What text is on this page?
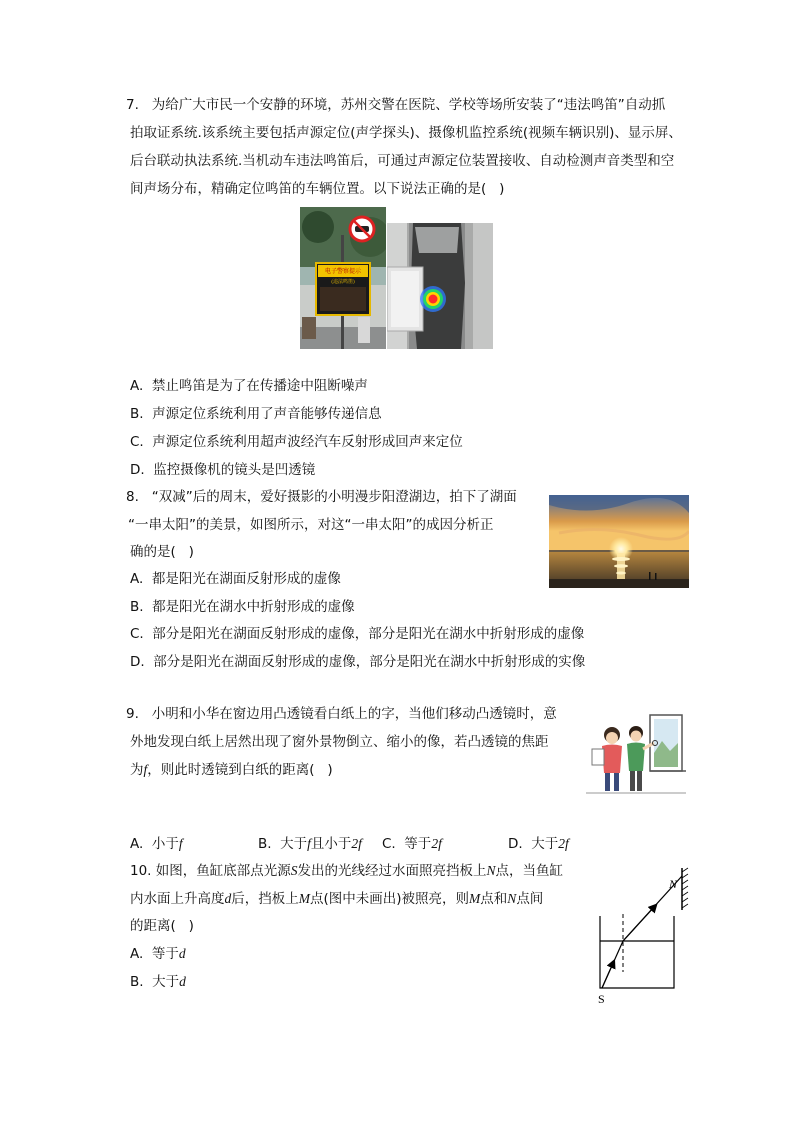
7.   为给广大市民一个安静的环境，苏州交警在医院、学校等场所安装了“违法鸣笛”自动抓
拍取证系统.该系统主要包括声源定位(声学探头)、摄像机监控系统(视频车辆识别)、显示屏、
后台联动执法系统.当机动车违法鸣笛后，可通过声源定位装置接收、自动检测声音类型和空
间声场分布，精确定位鸣笛的车辆位置。以下说法正确的是(   )
电子警察提示
(违法鸣笛)
A.  禁止鸣笛是为了在传播途中阻断噪声
B.  声源定位系统利用了声音能够传递信息
C.  声源定位系统利用超声波经汽车反射形成回声来定位
D.  监控摄像机的镜头是凹透镜
8.   “双减”后的周末，爱好摄影的小明漫步阳澄湖边，拍下了湖面
“一串太阳”的美景，如图所示，对这“一串太阳”的成因分析正
确的是(   )
A.  都是阳光在湖面反射形成的虚像
B.  都是阳光在湖水中折射形成的虚像
C.  部分是阳光在湖面反射形成的虚像，部分是阳光在湖水中折射形成的虚像
D.  部分是阳光在湖面反射形成的虚像，部分是阳光在湖水中折射形成的实像
9.   小明和小华在窗边用凸透镜看白纸上的字，当他们移动凸透镜时，意
外地发现白纸上居然出现了窗外景物倒立、缩小的像，若凸透镜的焦距
为f，则此时透镜到白纸的距离(   )
A.  小于f	B.  大于f且小于2f C.  等于2f	D.  大于2f
10. 如图，鱼缸底部点光源S发出的光线经过水面照亮挡板上N点，当鱼缸
内水面上升高度d后，挡板上M点(图中未画出)被照亮，则M点和N点间
的距离(   )
A.  等于d
B.  大于d
S
N
